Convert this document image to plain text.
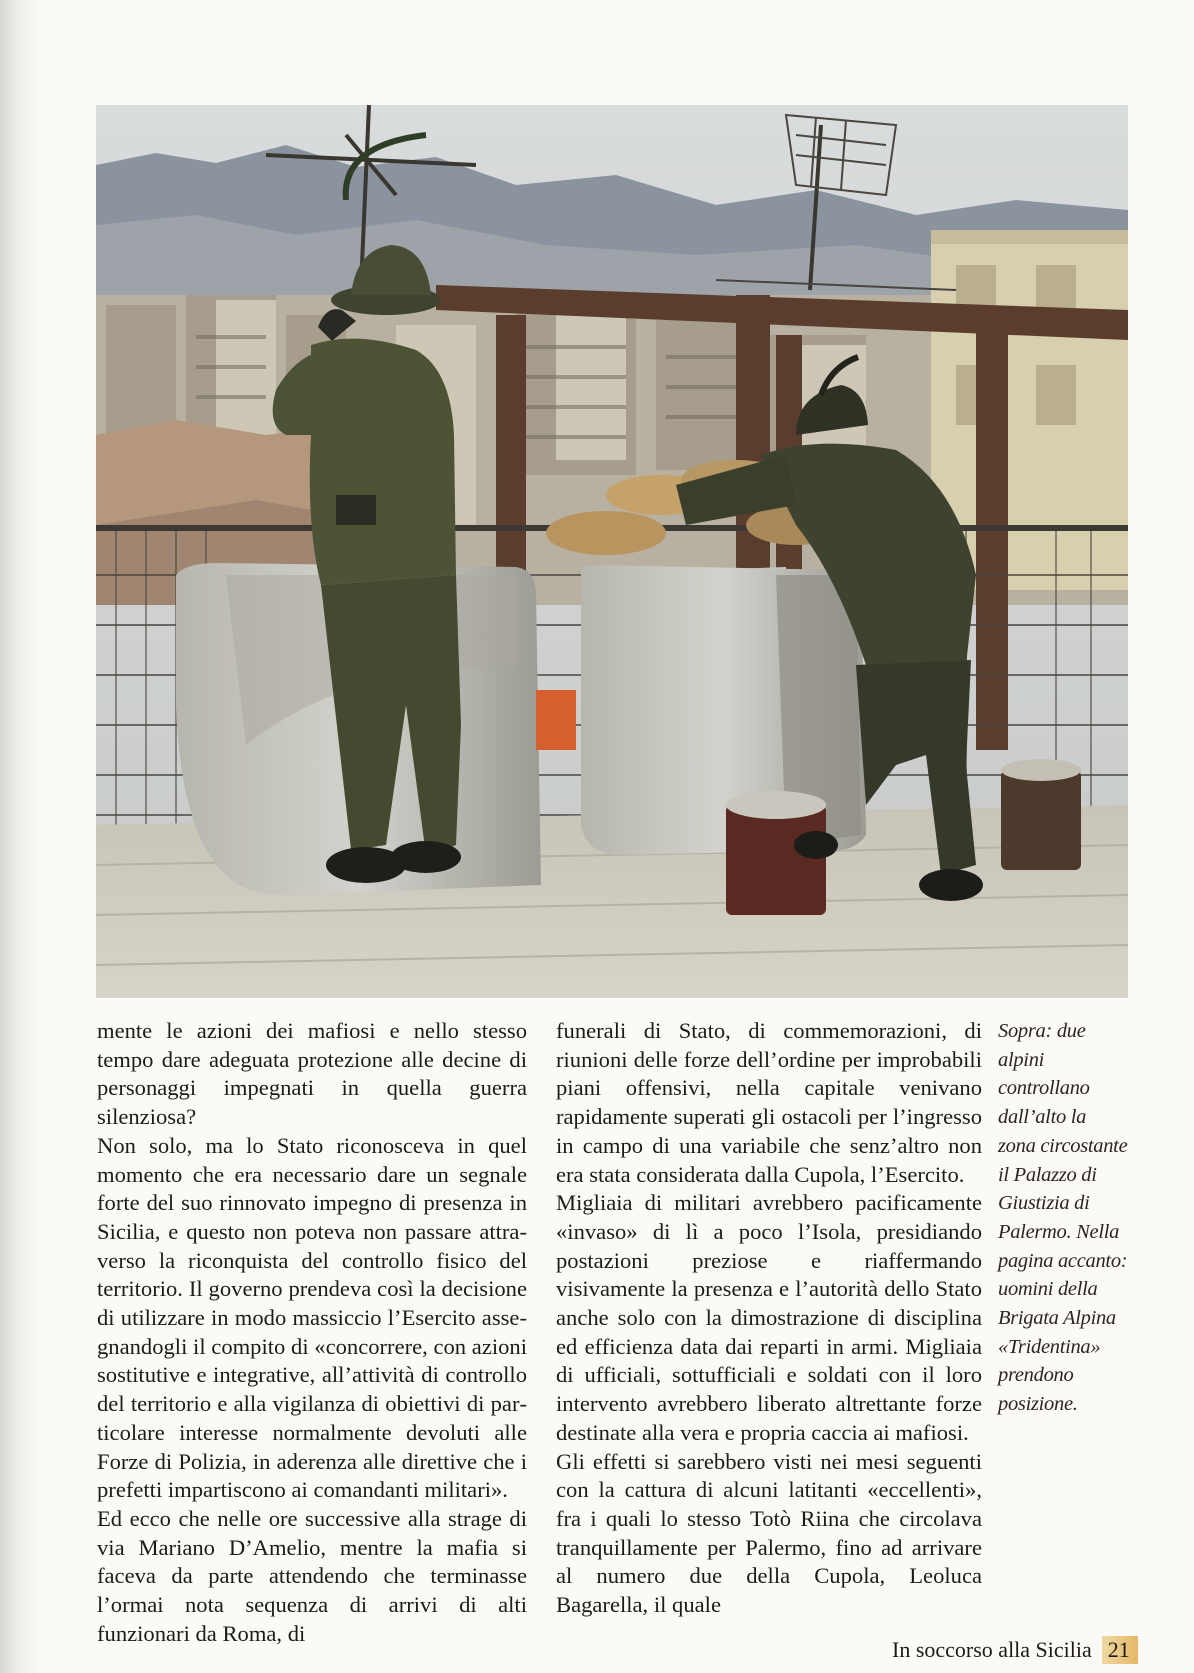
mente le azioni dei mafiosi e nello stesso tempo dare adeguata protezione alle decine di personaggi impegnati in quella guerra silenziosa?

Non solo, ma lo Stato riconosceva in quel momento che era necessario dare un segnale forte del suo rinnovato impegno di presenza in Sicilia, e questo non poteva non passare attraverso la riconquista del controllo fisico del territorio. Il governo prendeva così la decisione di utilizzare in modo massiccio l’Esercito assegnandogli il compito di «concorrere, con azioni sostitutive e integrative, all’attività di controllo del territorio e alla vigilanza di obiettivi di particolare interesse normalmente devoluti alle Forze di Polizia, in aderenza alle direttive che i prefetti impartiscono ai comandanti militari».

Ed ecco che nelle ore successive alla strage di via Mariano D’Amelio, mentre la mafia si faceva da parte attendendo che terminasse l’ormai nota sequenza di arrivi di alti funzionari da Roma, di

funerali di Stato, di commemorazioni, di riunioni delle forze dell’ordine per improbabili piani offensivi, nella capitale venivano rapidamente superati gli ostacoli per l’ingresso in campo di una variabile che senz’altro non era stata considerata dalla Cupola, l’Esercito.

Migliaia di militari avrebbero pacificamente «invaso» di lì a poco l’Isola, presidiando postazioni preziose e riaffermando visivamente la presenza e l’autorità dello Stato anche solo con la dimostrazione di disciplina ed efficienza data dai reparti in armi. Migliaia di ufficiali, sottufficiali e soldati con il loro intervento avrebbero liberato altrettante forze destinate alla vera e propria caccia ai mafiosi.

Gli effetti si sarebbero visti nei mesi seguenti con la cattura di alcuni latitanti «eccellenti», fra i quali lo stesso Totò Riina che circolava tranquillamente per Palermo, fino ad arrivare al numero due della Cupola, Leoluca Bagarella, il quale

Sopra: due alpini controllano dall’alto la zona circostante il Palazzo di Giustizia di Palermo. Nella pagina accanto: uomini della Brigata Alpina «Tridentina» prendono posizione.
In soccorso alla Sicilia 21
